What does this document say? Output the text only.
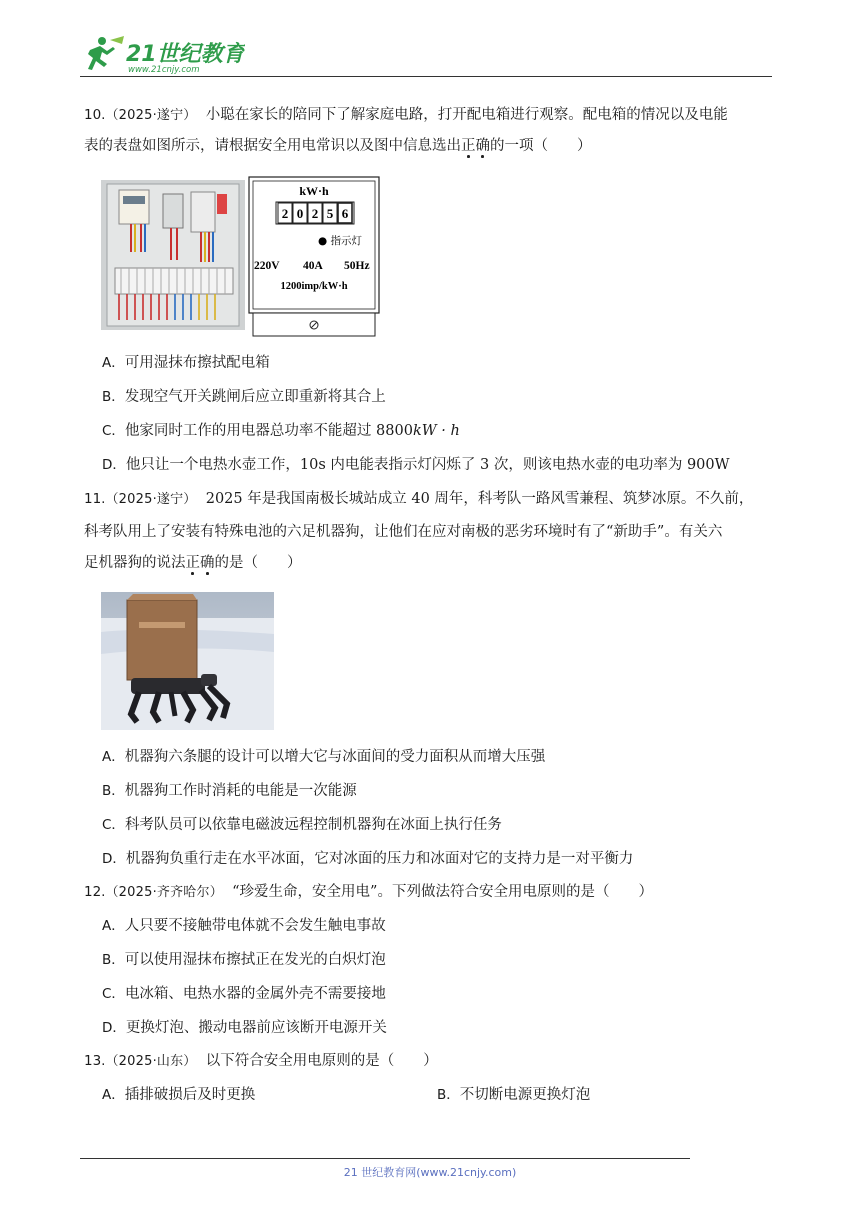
21世纪教育
www.21cnjy.com
10.（2025·遂宁） 小聪在家长的陪同下了解家庭电路，打开配电箱进行观察。配电箱的情况以及电能
表的表盘如图所示，请根据安全用电常识以及图中信息选出正确的一项（　　）
kW·h
2 0 2 5 6
● 指示灯
220V 40A 50Hz
1200imp/kW·h
A．可用湿抹布擦拭配电箱
B．发现空气开关跳闸后应立即重新将其合上
C．他家同时工作的用电器总功率不能超过 8800kW · h
D．他只让一个电热水壶工作，10s 内电能表指示灯闪烁了 3 次，则该电热水壶的电功率为 900W
11.（2025·遂宁） 2025 年是我国南极长城站成立 40 周年，科考队一路风雪兼程、筑梦冰原。不久前，
科考队用上了安装有特殊电池的六足机器狗，让他们在应对南极的恶劣环境时有了“新助手”。有关六
足机器狗的说法正确的是（　　）
A．机器狗六条腿的设计可以增大它与冰面间的受力面积从而增大压强
B．机器狗工作时消耗的电能是一次能源
C．科考队员可以依靠电磁波远程控制机器狗在冰面上执行任务
D．机器狗负重行走在水平冰面，它对冰面的压力和冰面对它的支持力是一对平衡力
12.（2025·齐齐哈尔） “珍爱生命，安全用电”。下列做法符合安全用电原则的是（　　）
A．人只要不接触带电体就不会发生触电事故
B．可以使用湿抹布擦拭正在发光的白炽灯泡
C．电冰箱、电热水器的金属外壳不需要接地
D．更换灯泡、搬动电器前应该断开电源开关
13.（2025·山东） 以下符合安全用电原则的是（　　）
A．插排破损后及时更换	B．不切断电源更换灯泡
21 世纪教育网(www.21cnjy.com)
